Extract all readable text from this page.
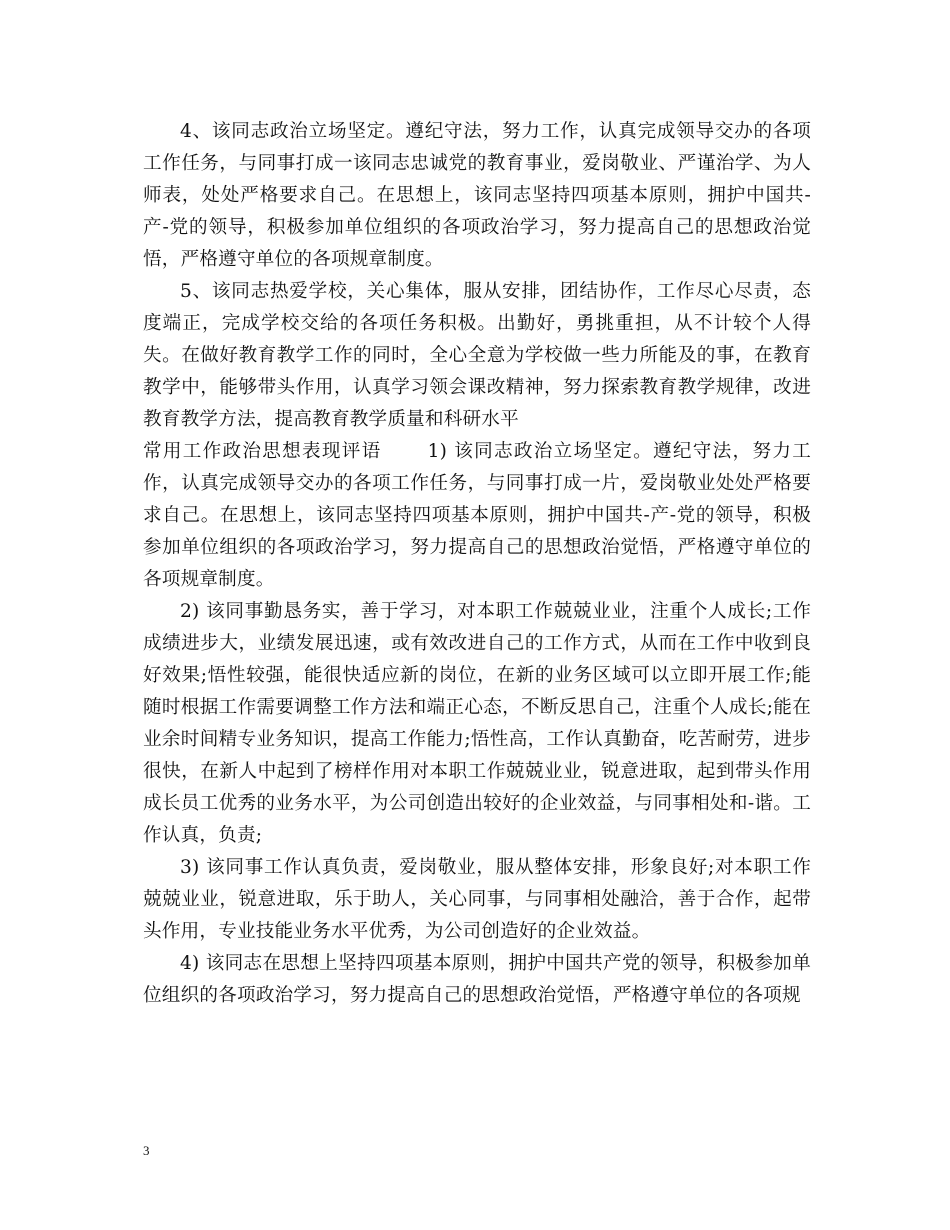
4、该同志政治立场坚定。遵纪守法，努力工作，认真完成领导交办的各项工作任务，与同事打成一该同志忠诚党的教育事业，爱岗敬业、严谨治学、为人师表，处处严格要求自己。在思想上，该同志坚持四项基本原则，拥护中国共-产-党的领导，积极参加单位组织的各项政治学习，努力提高自己的思想政治觉悟，严格遵守单位的各项规章制度。

5、该同志热爱学校，关心集体，服从安排，团结协作，工作尽心尽责，态度端正，完成学校交给的各项任务积极。出勤好，勇挑重担，从不计较个人得失。在做好教育教学工作的同时，全心全意为学校做一些力所能及的事，在教育教学中，能够带头作用，认真学习领会课改精神，努力探索教育教学规律，改进教育教学方法，提高教育教学质量和科研水平

常用工作政治思想表现评语 1) 该同志政治立场坚定。遵纪守法，努力工作，认真完成领导交办的各项工作任务，与同事打成一片，爱岗敬业处处严格要求自己。在思想上，该同志坚持四项基本原则，拥护中国共-产-党的领导，积极参加单位组织的各项政治学习，努力提高自己的思想政治觉悟，严格遵守单位的各项规章制度。

2) 该同事勤恳务实，善于学习，对本职工作兢兢业业，注重个人成长;工作成绩进步大，业绩发展迅速，或有效改进自己的工作方式，从而在工作中收到良好效果;悟性较强，能很快适应新的岗位，在新的业务区域可以立即开展工作;能随时根据工作需要调整工作方法和端正心态，不断反思自己，注重个人成长;能在业余时间精专业务知识，提高工作能力;悟性高，工作认真勤奋，吃苦耐劳，进步很快，在新人中起到了榜样作用对本职工作兢兢业业，锐意进取，起到带头作用成长员工优秀的业务水平，为公司创造出较好的企业效益，与同事相处和-谐。工作认真，负责;

3) 该同事工作认真负责，爱岗敬业，服从整体安排，形象良好;对本职工作兢兢业业，锐意进取，乐于助人，关心同事，与同事相处融洽，善于合作，起带头作用，专业技能业务水平优秀，为公司创造好的企业效益。

4) 该同志在思想上坚持四项基本原则，拥护中国共产党的领导，积极参加单位组织的各项政治学习，努力提高自己的思想政治觉悟，严格遵守单位的各项规

3
